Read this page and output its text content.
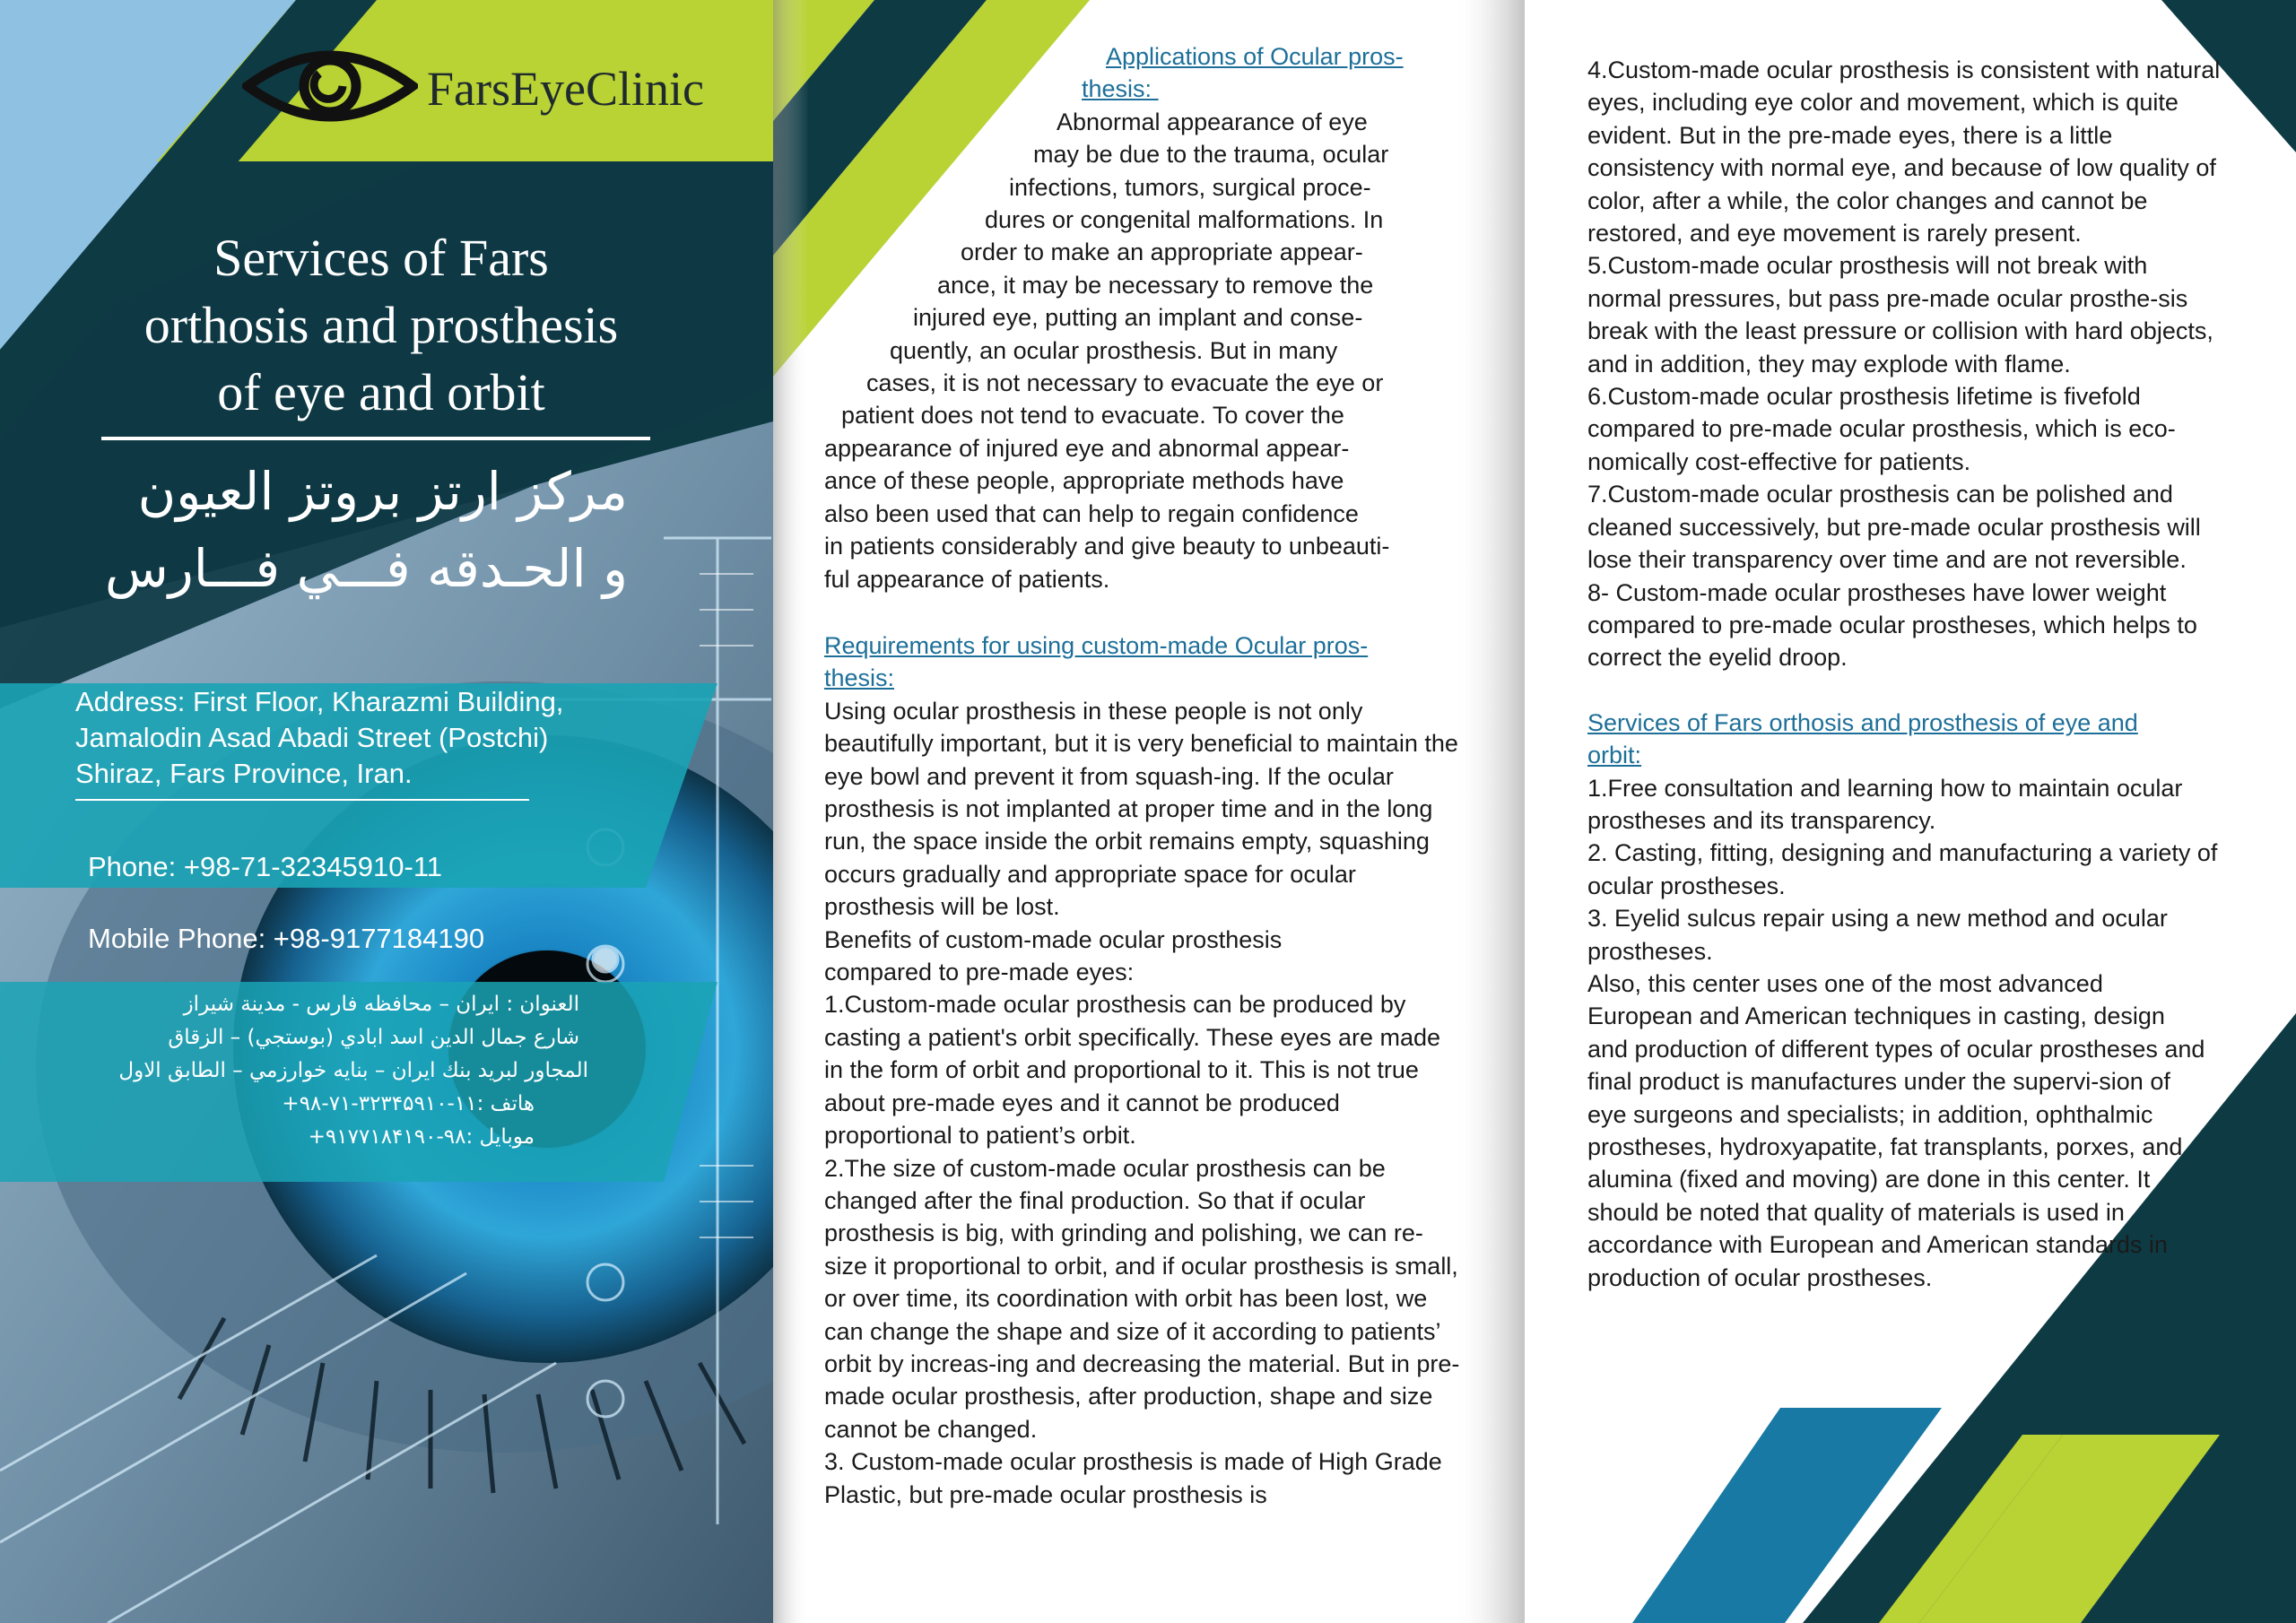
FarsEyeClinic
Services of Fars
orthosis and prosthesis
of eye and orbit
مركز ارتز بروتز العيون
و الحـدقه فـــي فـــارس
Address: First Floor, Kharazmi Building,
Jamalodin Asad Abadi Street (Postchi)
Shiraz, Fars Province, Iran.

Phone: +98-71-32345910-11

Mobile Phone: +98-9177184190

العنوان : ايران – محافظه فارس - مدينة شيراز
شارع جمال الدين اسد ابادي (بوستجي) – الزقاق
المجاور لبريد بنك ايران – بنايه خوارزمي – الطابق الاول
هاتف :۱۱-۳۲۳۴۵۹۱۰-۷۱-۹۸+
موبايل :۹۸-۹۱۷۷۱۸۴۱۹۰+
Applications of Ocular pros-
thesis:
Abnormal appearance of eye
may be due to the trauma, ocular
infections, tumors, surgical proce-
dures or congenital malformations. In
order to make an appropriate appear-
ance, it may be necessary to remove the
injured eye, putting an implant and conse-
quently, an ocular prosthesis. But in many
cases, it is not necessary to evacuate the eye or
patient does not tend to evacuate. To cover the
appearance of injured eye and abnormal appear-
ance of these people, appropriate methods have
also been used that can help to regain confidence
in patients considerably and give beauty to unbeauti-
ful appearance of patients.

Requirements for using custom-made Ocular pros-
thesis:

Using ocular prosthesis in these people is not only beautifully important, but it is very beneficial to maintain the eye bowl and prevent it from squash-ing. If the ocular prosthesis is not implanted at proper time and in the long run, the space inside the orbit remains empty, squashing occurs gradually and appropriate space for ocular prosthesis will be lost.

Benefits of custom-made ocular prosthesis compared to pre-made eyes:

1.Custom-made ocular prosthesis can be produced by casting a patient's orbit specifically. These eyes are made in the form of orbit and proportional to it. This is not true about pre-made eyes and it cannot be produced proportional to patient’s orbit.

2.The size of custom-made ocular prosthesis can be changed after the final production. So that if ocular prosthesis is big, with grinding and polishing, we can re-size it proportional to orbit, and if ocular prosthesis is small, or over time, its coordination with orbit has been lost, we can change the shape and size of it according to patients’ orbit by increas-ing and decreasing the material. But in pre-made ocular prosthesis, after production, shape and size cannot be changed.

3. Custom-made ocular prosthesis is made of High Grade Plastic, but pre-made ocular prosthesis is

4.Custom-made ocular prosthesis is consistent with natural eyes, including eye color and movement, which is quite evident. But in the pre-made eyes, there is a little consistency with normal eye, and because of low quality of color, after a while, the color changes and cannot be restored, and eye movement is rarely present.

5.Custom-made ocular prosthesis will not break with normal pressures, but pass pre-made ocular prosthe-sis break with the least pressure or collision with hard objects, and in addition, they may explode with flame.

6.Custom-made ocular prosthesis lifetime is fivefold compared to pre-made ocular prosthesis, which is eco-nomically cost-effective for patients.

7.Custom-made ocular prosthesis can be polished and cleaned successively, but pre-made ocular prosthesis will lose their transparency over time and are not reversible.

8- Custom-made ocular prostheses have lower weight compared to pre-made ocular prostheses, which helps to correct the eyelid droop.

Services of Fars orthosis and prosthesis of eye and
orbit:

1.Free consultation and learning how to maintain ocular prostheses and its transparency.

2. Casting, fitting, designing and manufacturing a variety of ocular prostheses.

3. Eyelid sulcus repair using a new method and ocular prostheses.

Also, this center uses one of the most advanced European and American techniques in casting, design and production of different types of ocular prostheses and final product is manufactures under the supervi-sion of eye surgeons and specialists; in addition, ophthalmic prostheses, hydroxyapatite, fat transplants, porxes, and alumina (fixed and moving) are done in this center. It should be noted that quality of materials is used in accordance with European and American standards in production of ocular prostheses.
